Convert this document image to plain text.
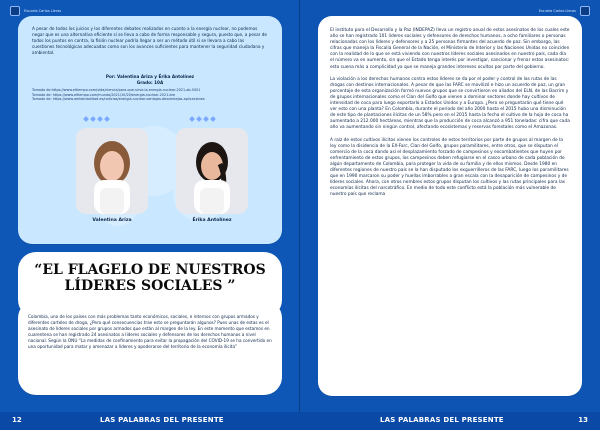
Escuela Carlos Lleras
A pesar de todos los juicios y los diferentes debates realizados en cuanto a la energía nuclear, no podemos negar que es una alternativa eficiente si se lleva a cabo de forma responsable y segura, puesto que, a pesar de todos los puntos en contra, la fisión nuclear podría llegar a ser un método útil si se llevara a cabo las cuestiones tecnológicas adecuadas como son los avances suficientes para mantener la seguridad ciudadana y ambiental.
Por: Valentina Ariza y Érika Antolínez
Grado: 10A
Tomado de:https://www.eltiempo.com/vida/ciencia/para-que-sirve-la-energia-nuclear-2021-ab-5001
Tomado de: https://www.eltiempo.com/mundo/2021/10/20/energia-nuclear-2021-bre
Tomado de: https://www.ambientalidad.es/noticias/energia-nuclear-ventajas-desventajas-aplicaciones
Valentina Ariza	Érika Antolínez
“EL FLAGELO DE NUESTROS LÍDERES SOCIALES ”

Colombia, uno de los países con más problemas tanto económicos, sociales, e internos con grupos armados y diferentes carteles de droga, ¿Pero qué consecuencias trae esto se preguntarán algunos? Pues unas de estas es el asesinato de líderes sociales por grupos armados que están al margen de la ley. En este momento que estamos en cuarentena se han registrado 24 asesinatos a líderes sociales y defensores de los derechos humanos a nivel nacional. Según la ONU “La medidas de confinamiento para evitar la propagación del COVID-19 se ha convertido en una oportunidad para matar y amenazar a líderes y apoderarse del territorio de la economía ilícita”

Escuela Carlos Lleras

El instituto para el Desarrollo y la Paz (INDEPAZ) lleva un registro anual de estos asesinatos de los cuales este año se han registrado 101 líderes sociales y defensores de derechos humanos, a ocho familiares o personas relacionadas con los líderes y defensores y a 25 personas firmantes del acuerdo de paz. Sin embargo, las cifras que maneja la Fiscalía General de la Nación, el Ministerio de Interior y las Naciones Unidas no coinciden con la realidad de lo que se está viviendo con nuestros líderes sociales asesinados en nuestro país, cada día el número va en aumento, sin que el Estado tenga interés por investigar, sancionar y frenar estos asesinatos: esto suena más a complicidad ya que se maneja grandes intereses ocultos por parte del gobierno.

La violación a los derechos humanos contra estos líderes se da por el poder y control de las rutas de las drogas con destinos internacionales. A pesar de que las FARC se movilizó e hizo un acuerdo de paz, un gran porcentaje de esta organización formó nuevos grupos que se convirtieron en aliados del ELN, de las Bacrim y de grupos internacionales como el Clan del Golfo que vienen a dominar sectores donde hay cultivos de intensidad de coca para luego exportarlo a Estados Unidos y a Europa. ¿Pero se preguntarán qué tiene qué ver esto con una planta? En Colombia, durante el periodo del año 2000 hasta el 2015 hubo una disminución de este tipo de plantaciones ilícitas de un 58% pero en el 2015 hasta la fecha el cultivo de la hoja de coca ha aumentado a 212.000 hectáreas, mientras que la producción de coca alcanzó a 951 toneladas: cifra que cada año va aumentando sin ningún control, afectando ecosistemas y reservas forestales como el Amazonas.

A raíz de estos cultivos ilícitos vienen los controles de estos territorios por parte de grupos al margen de la ley como la disidencia de la EX-Farc, Clan del Golfo, grupos paramilitares, entre otros, que se disputan el comercio de la coca dando así el desplazamiento forzado de campesinos y excombatientes que huyen por enfrentamiento de estos grupos, los campesinos deben refugiarse en el casco urbano de cada población de algún departamento de Colombia, para proteger la vida de su familia y de ellos mismos. Desde 1980 en diferentes regiones de nuestro país se la han disputado los exguerrilleros de las FARC, luego los paramilitares que en 1990 marcaron su poder y huellas imborrables a gran escala con la desaparición de campesinos y de líderes sociales. Ahora, con otros nombres estos grupos disputan los cultivos y las rutas principales para las economías ilícitas del narcotráfico. En medio de todo este conflicto está la población más vulnerable de nuestro país que reclama

12	LAS PALABRAS DEL PRESENTE	LAS PALABRAS DEL PRESENTE	13
